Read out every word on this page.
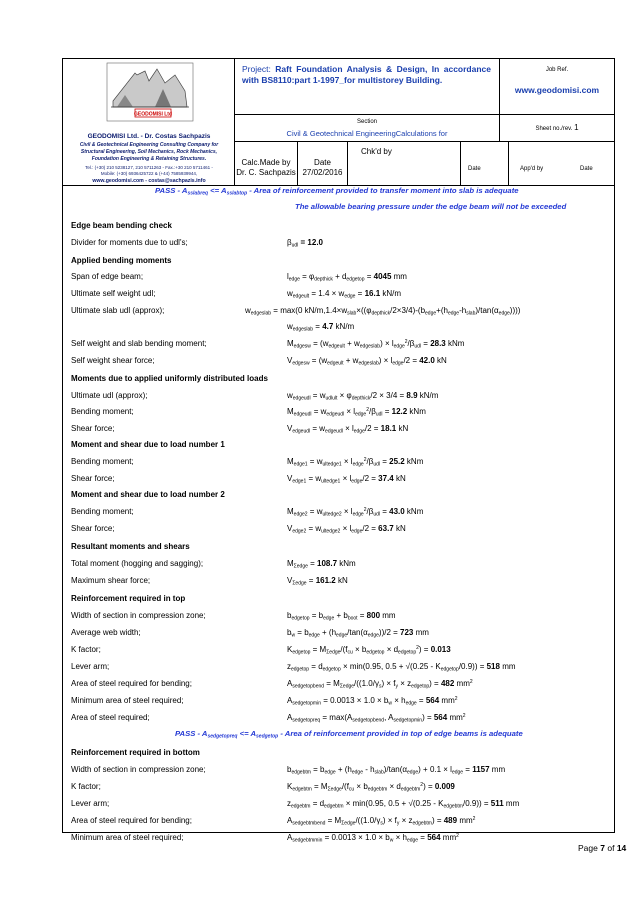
GEODOMISI Ltd
GEODOMISI Ltd. - Dr. Costas Sachpazis
Civil & Geotechnical Engineering Consulting Company for
Structural Engineering, Soil Mechanics, Rock Mechanics,
Foundation Engineering & Retaining Structures.
Tel.: (+30) 210 5238127, 210 5711263 - Fax.:+30 210 5711461 -
Mobile: (+30) 6936425722 & (+44) 7585939944,
www.geodomisi.com - costas@sachpazis.info
Project: Raft Foundation Analysis & Design, In accordance with BS8110:part 1-1997_for multistorey Building.
Job Ref.
www.geodomisi.com
Section
Civil & Geotechnical EngineeringCalculations for	Sheet no./rev. 1
Calc.Made by
Dr. C. Sachpazis
Date
27/02/2016
Chk'd by
Date	App'd by	Date
PASS - $A_{sslabreq} <= A_{sslabtop}$ - Area of reinforcement provided to transfer moment into slab is adequate
The allowable bearing pressure under the edge beam will not be exceeded
Edge beam bending check
Divider for moments due to udl's;	$\beta_{udl} = 12.0$
Applied bending moments
Span of edge beam;	$l_{edge} = \varphi_{depthick} + d_{edgetop} = 4045$ mm
Ultimate self weight udl;	$w_{edgeult} = 1.4 \times w_{edge} = 16.1$ kN/m
Ultimate slab udl (approx);	$w_{edgeslab} = \max(0$ $kN/m,1.4\times w_{slab}\times((\varphi_{depthick}/2\times 3/4)-(b_{edge}+(h_{edge}-h_{slab})/\tan(\alpha_{edge})))$)
$w_{edgeslab} = 4.7$ kN/m
Self weight and slab bending moment;	$M_{edgesw} = (w_{edgeult} + w_{edgeslab}) \times l_{edge}^2/\beta_{udl} = 28.3$ kNm
Self weight shear force;	$V_{edgesw} = (w_{edgeult} + w_{edgeslab}) \times l_{edge}/2 = 42.0$ kN
Moments due to applied uniformly distributed loads
Ultimate udl (approx);	$w_{edgeudl} = w_{udlult} \times \varphi_{depthick}/2 \times 3/4 = 8.9$ kN/m
Bending moment;	$M_{edgeudl} = w_{edgeudl} \times l_{edge}^2/\beta_{udl} = 12.2$ kNm
Shear force;	$V_{edgeudl} = w_{edgeudl} \times l_{edge}/2 = 18.1$ kN
Moment and shear due to load number 1
Bending moment;	$M_{edge1} = w_{ultedge1} \times l_{edge}^2/\beta_{udl} = 25.2$ kNm
Shear force;	$V_{edge1} = w_{ultedge1} \times l_{edge}/2 = 37.4$ kN
Moment and shear due to load number 2
Bending moment;	$M_{edge2} = w_{ultedge2} \times l_{edge}^2/\beta_{udl} = 43.0$ kNm
Shear force;	$V_{edge2} = w_{ultedge2} \times l_{edge}/2 = 63.7$ kN
Resultant moments and shears
Total moment (hogging and sagging);	$M_{\Sigma edge} = 108.7$ kNm
Maximum shear force;	$V_{\Sigma edge} = 161.2$ kN
Reinforcement required in top
Width of section in compression zone;	$b_{edgetop} = b_{edge} + b_{boot} = 800$ mm
Average web width;	$b_w = b_{edge} + (h_{edge}/\tan(\alpha_{edge}))/2 = 723$ mm
K factor;	$K_{edgetop} = M_{\Sigma edge}/(f_{cu} \times b_{edgetop} \times d_{edgetop}^2) = 0.013$
Lever arm;	$z_{edgetop} = d_{edgetop} \times \min(0.95$, $0.5 + √(0.25 - K_{edgetop}/0.9)) = 518$ mm
Area of steel required for bending;	$A_{sedgetopbend} = M_{\Sigma edge}/((1.0/\gamma_s) \times f_y \times z_{edgetop}) = 482$ $mm^2$
Minimum area of steel required;	$A_{sedgetopmin} = 0.0013 \times 1.0 \times b_w \times h_{edge} = 564$ $mm^2$
Area of steel required;	$A_{sedgetopreq} = \max(A_{sedgetopbend}$, $A_{sedgetopmin}) = 564$ $mm^2$
PASS - $A_{sedgetopreq} <= A_{sedgetop}$ - Area of reinforcement provided in top of edge beams is adequate
Reinforcement required in bottom
Width of section in compression zone;	$b_{edgebtm} = b_{edge} + (h_{edge} - h_{slab})/\tan(\alpha_{edge}) + 0.1 \times l_{edge} = 1157$ mm
K factor;	$K_{edgebtm} = M_{\Sigma edge}/(f_{cu} \times b_{edgebtm} \times d_{edgebtm}^2) = 0.009$
Lever arm;	$z_{edgebtm} = d_{edgebtm} \times \min(0.95$, $0.5 + √(0.25 - K_{edgebtm}/0.9)) = 511$ mm
Area of steel required for bending;	$A_{sedgebtmbend} = M_{\Sigma edge}/((1.0/\gamma_s) \times f_y \times z_{edgebtm}) = 489$ $mm^2$
Minimum area of steel required;	$A_{sedgebtmmin} = 0.0013 \times 1.0 \times b_w \times h_{edge} = 564$ $mm^2$
Page 7 of 14
